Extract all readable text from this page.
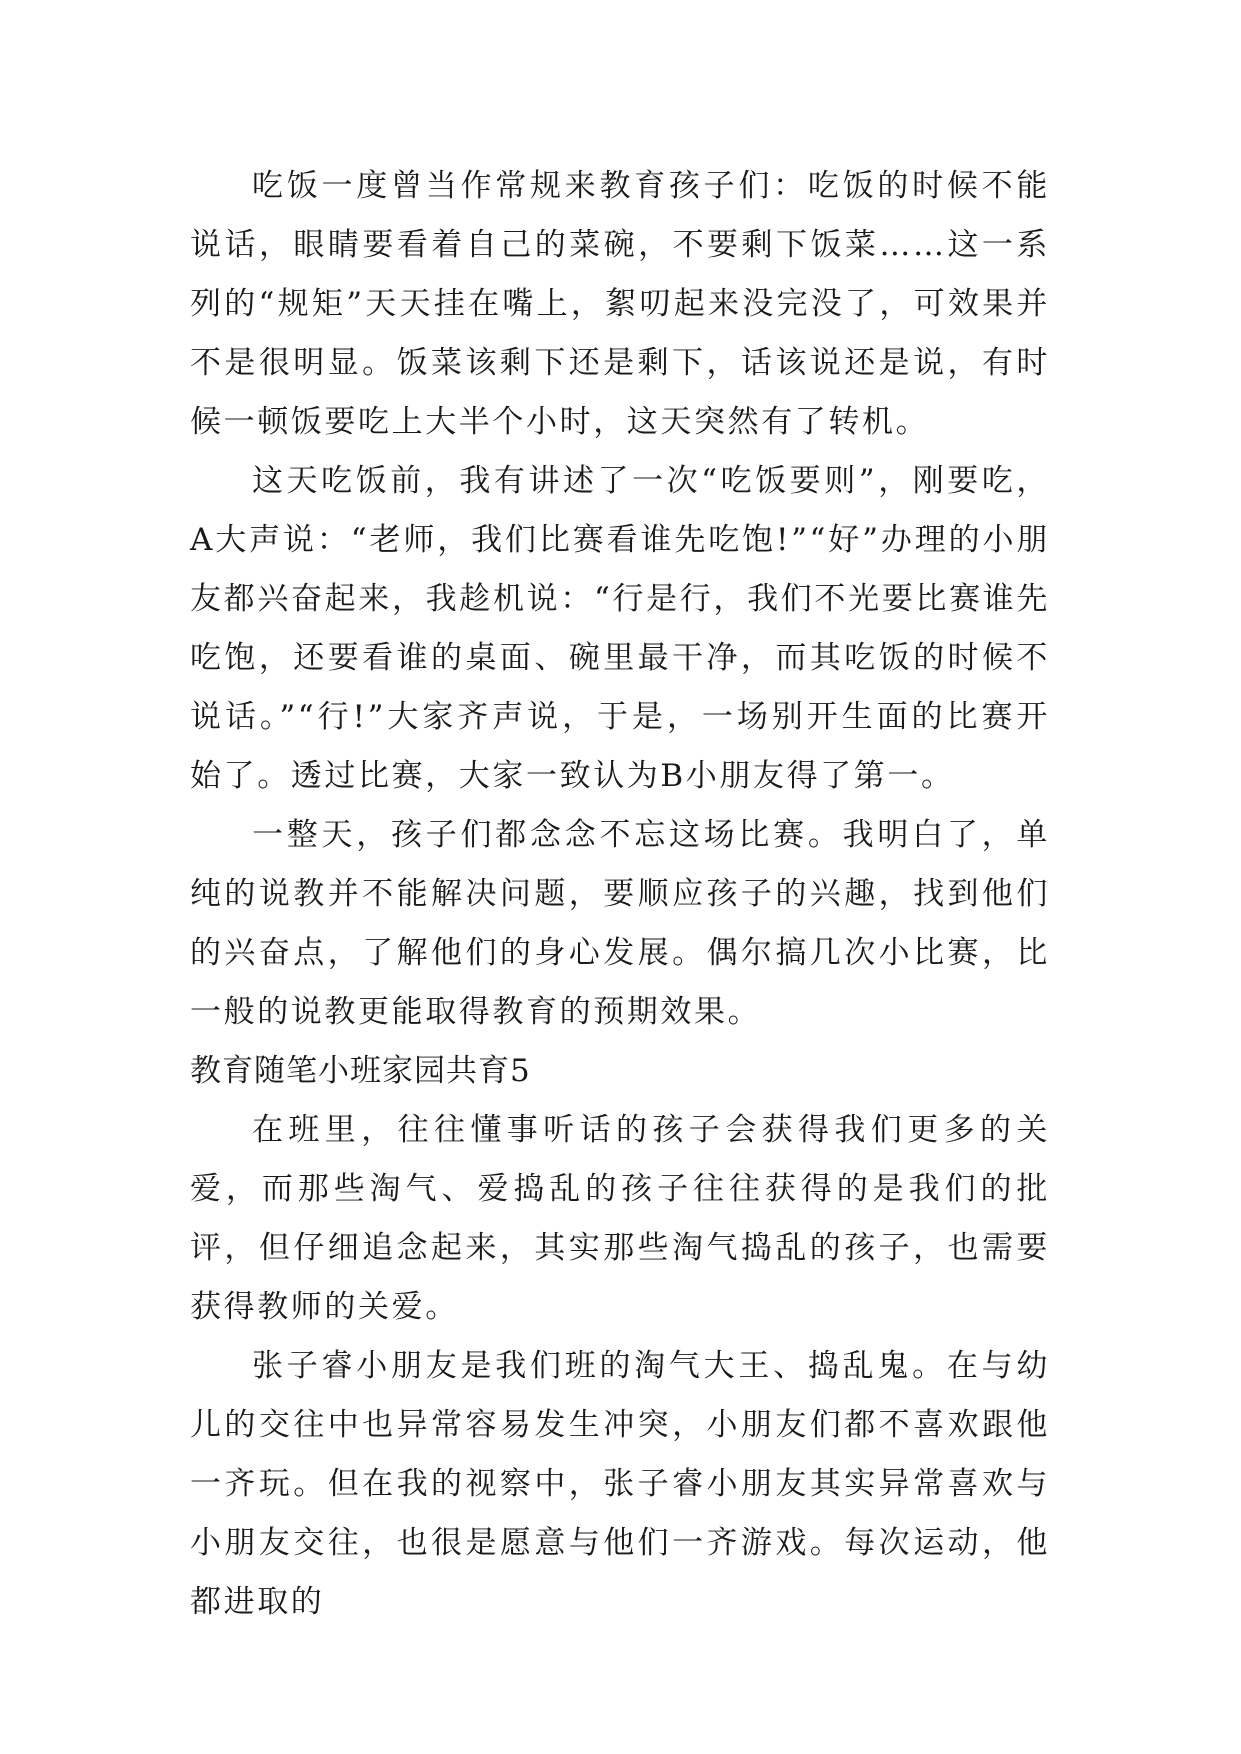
吃饭一度曾当作常规来教育孩子们：吃饭的时候不能说话，眼睛要看着自己的菜碗，不要剩下饭菜……这一系列的“规矩”天天挂在嘴上，絮叨起来没完没了，可效果并不是很明显。饭菜该剩下还是剩下，话该说还是说，有时候一顿饭要吃上大半个小时，这天突然有了转机。

这天吃饭前，我有讲述了一次“吃饭要则”，刚要吃，A大声说：“老师，我们比赛看谁先吃饱!”“好”办理的小朋友都兴奋起来，我趁机说：“行是行，我们不光要比赛谁先吃饱，还要看谁的桌面、碗里最干净，而其吃饭的时候不说话。”“行!”大家齐声说，于是，一场别开生面的比赛开始了。透过比赛，大家一致认为B小朋友得了第一。

一整天，孩子们都念念不忘这场比赛。我明白了，单纯的说教并不能解决问题，要顺应孩子的兴趣，找到他们的兴奋点，了解他们的身心发展。偶尔搞几次小比赛，比一般的说教更能取得教育的预期效果。

教育随笔小班家园共育5

在班里，往往懂事听话的孩子会获得我们更多的关爱，而那些淘气、爱捣乱的孩子往往获得的是我们的批评，但仔细追念起来，其实那些淘气捣乱的孩子，也需要获得教师的关爱。

张子睿小朋友是我们班的淘气大王、捣乱鬼。在与幼儿的交往中也异常容易发生冲突，小朋友们都不喜欢跟他一齐玩。但在我的视察中，张子睿小朋友其实异常喜欢与小朋友交往，也很是愿意与他们一齐游戏。每次运动，他都进取的
